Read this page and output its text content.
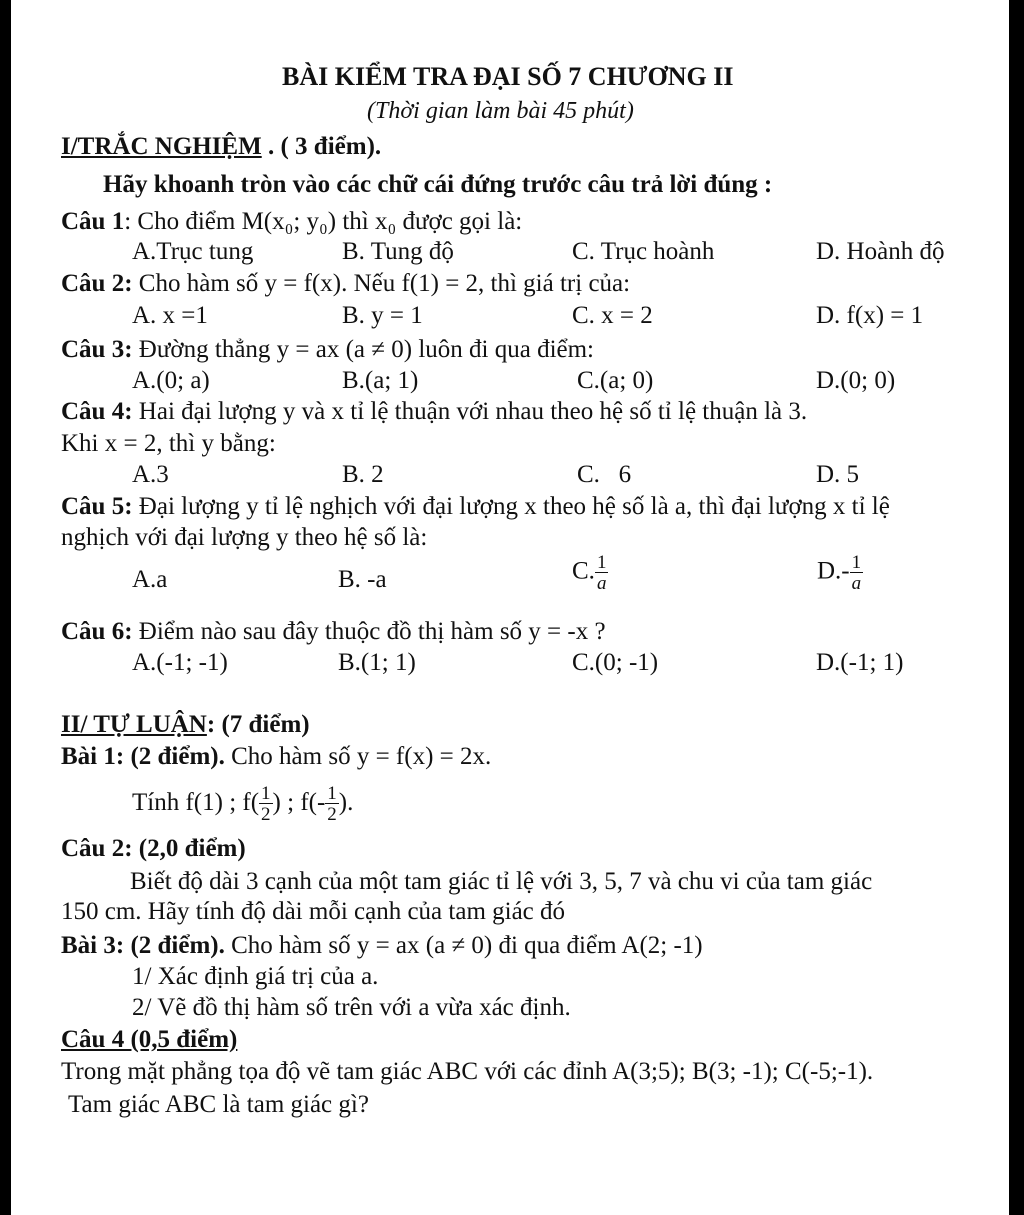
BÀI KIỂM TRA ĐẠI SỐ 7 CHƯƠNG II
(Thời gian làm bài 45 phút)
I/TRẮC NGHIỆM . ( 3 điểm).
Hãy khoanh tròn vào các chữ cái đứng trước câu trả lời đúng :
Câu 1: Cho điểm M(x₀; y₀) thì x₀ được gọi là:
A.Trục tung	B. Tung độ	C. Trục hoành	D. Hoành độ
Câu 2: Cho hàm số y = f(x). Nếu f(1) = 2, thì giá trị của:
A. x =1	B. y = 1	C. x = 2	D. f(x) = 1
Câu 3: Đường thẳng y = ax (a ≠ 0) luôn đi qua điểm:
A.(0; a)	B.(a; 1)	C.(a; 0)	D.(0; 0)
Câu 4: Hai đại lượng y và x tỉ lệ thuận với nhau theo hệ số tỉ lệ thuận là 3.
Khi x = 2, thì y bằng:
A.3	B. 2	C.   6	D. 5
Câu 5: Đại lượng y tỉ lệ nghịch với đại lượng x theo hệ số là a, thì đại lượng x tỉ lệ
nghịch với đại lượng y theo hệ số là:
A.a	B. -a	C. $\frac{1}{a}$	$D.- \frac{1}{a}$
Câu 6: Điểm nào sau đây thuộc đồ thị hàm số y = -x ?
A.(-1; -1)	B.(1; 1)	C.(0; -1)	D.(-1; 1)
II/ TỰ LUẬN: (7 điểm)
Bài 1: (2 điểm). Cho hàm số y = f(x) = 2x.
Tính f(1) ; $f( \frac{1}{2}$ ) ; $f(- \frac{1}{2}$ ).
Câu 2: (2,0 điểm)
Biết độ dài 3 cạnh của một tam giác tỉ lệ với 3, 5, 7 và chu vi của tam giác
150 cm. Hãy tính độ dài mỗi cạnh của tam giác đó
Bài 3: (2 điểm). Cho hàm số y = ax (a ≠ 0) đi qua điểm A(2; -1)
1/ Xác định giá trị của a.
2/ Vẽ đồ thị hàm số trên với a vừa xác định.
Câu 4 (0,5 điểm)
Trong mặt phẳng tọa độ vẽ tam giác ABC với các đỉnh A(3;5); B(3; -1); C(-5;-1).
Tam giác ABC là tam giác gì?
